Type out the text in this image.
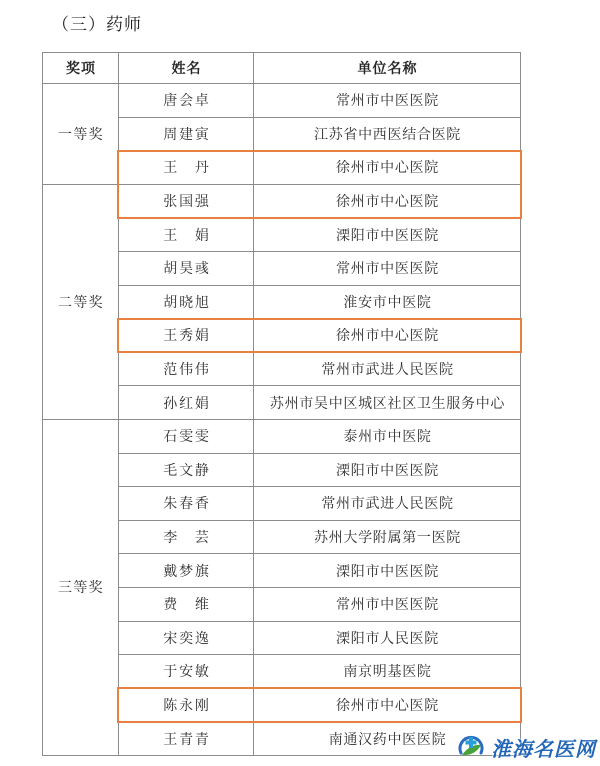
（三）药师
奖项	姓名	单位名称
一等奖
唐会卓	常州市中医医院
周建寅	江苏省中西医结合医院
王　丹	徐州市中心医院
二等奖
张国强	徐州市中心医院
王　娟	溧阳市中医医院
胡昊彧	常州市中医医院
胡晓旭	淮安市中医院
王秀娟	徐州市中心医院
范伟伟	常州市武进人民医院
孙红娟	苏州市吴中区城区社区卫生服务中心
三等奖
石雯雯	泰州市中医院
毛文静	溧阳市中医医院
朱春香	常州市武进人民医院
李　芸	苏州大学附属第一医院
戴梦旗	溧阳市中医医院
费　维	常州市中医医院
宋奕逸	溧阳市人民医院
于安敏	南京明基医院
陈永刚	徐州市中心医院
王青青	南通汉药中医医院	淮海名医网
